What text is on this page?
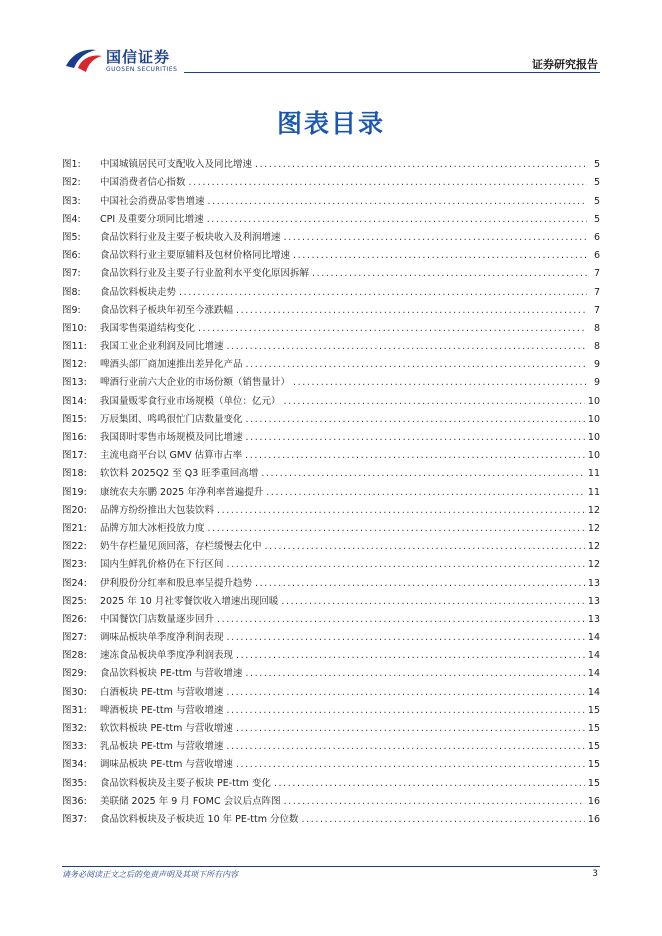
国信证券
GUOSEN SECURITIES	证券研究报告
图表目录
图1:	中国城镇居民可支配收入及同比增速 .....	5
图2:	中国消费者信心指数 .....	5
图3:	中国社会消费品零售增速 .....	5
图4:	CPI 及重要分项同比增速 .....	5
图5:	食品饮料行业及主要子板块收入及利润增速 .....	6
图6:	食品饮料行业主要原辅料及包材价格同比增速 .....	6
图7:	食品饮料行业及主要子行业盈利水平变化原因拆解 .....	7
图8:	食品饮料板块走势 .....	7
图9:	食品饮料子板块年初至今涨跌幅 .....	7
图10:	我国零售渠道结构变化 .....	8
图11:	我国工业企业利润及同比增速 .....	8
图12:	啤酒头部厂商加速推出差异化产品 .....	9
图13:	啤酒行业前六大企业的市场份额（销售量计） .....	9
图14:	我国量贩零食行业市场规模（单位：亿元） .....	10
图15:	万辰集团、鸣鸣很忙门店数量变化 .....	10
图16:	我国即时零售市场规模及同比增速 .....	10
图17:	主流电商平台以 GMV 估算市占率 .....	10
图18:	软饮料 2025Q2 至 Q3 旺季重回高增 .....	11
图19:	康统农夫东鹏 2025 年净利率普遍提升 .....	11
图20:	品牌方纷纷推出大包装饮料 .....	12
图21:	品牌方加大冰柜投放力度 .....	12
图22:	奶牛存栏量见顶回落，存栏缓慢去化中 .....	12
图23:	国内生鲜乳价格仍在下行区间 .....	12
图24:	伊利股份分红率和股息率呈提升趋势 .....	13
图25:	2025 年 10 月社零餐饮收入增速出现回暖 .....	13
图26:	中国餐饮门店数量逐步回升 .....	13
图27:	调味品板块单季度净利润表现 .....	14
图28:	速冻食品板块单季度净利润表现 .....	14
图29:	食品饮料板块 PE-ttm 与营收增速 .....	14
图30:	白酒板块 PE-ttm 与营收增速 .....	14
图31:	啤酒板块 PE-ttm 与营收增速 .....	15
图32:	软饮料板块 PE-ttm 与营收增速 .....	15
图33:	乳品板块 PE-ttm 与营收增速 .....	15
图34:	调味品板块 PE-ttm 与营收增速 .....	15
图35:	食品饮料板块及主要子板块 PE-ttm 变化 .....	15
图36:	美联储 2025 年 9 月 FOMC 会议后点阵图 .....	16
图37:	食品饮料板块及子板块近 10 年 PE-ttm 分位数 .....	16
请务必阅读正文之后的免责声明及其项下所有内容	3
